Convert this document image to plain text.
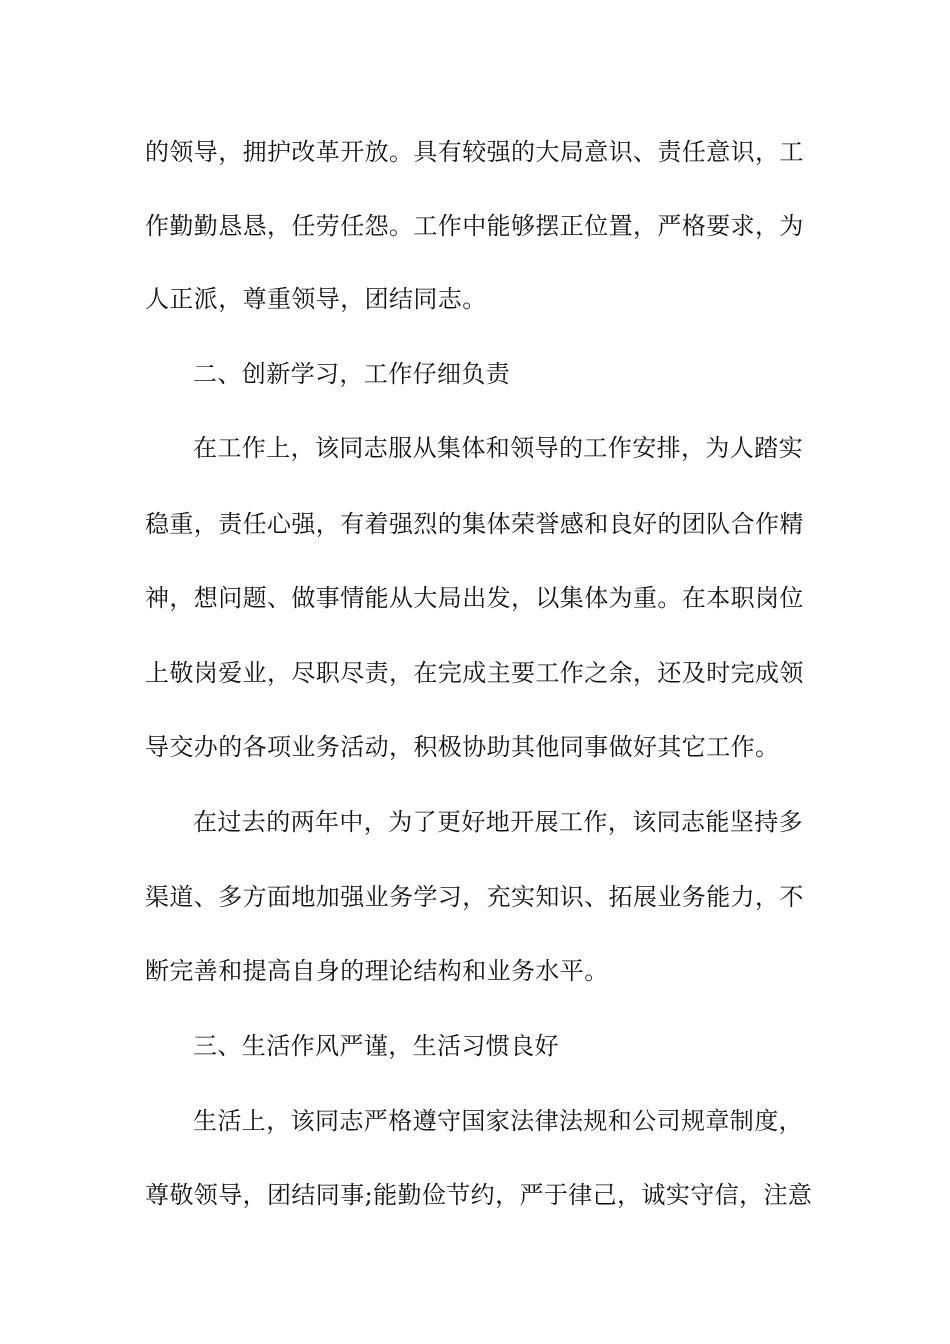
的领导，拥护改革开放。具有较强的大局意识、责任意识，工
作勤勤恳恳，任劳任怨。工作中能够摆正位置，严格要求，为
人正派，尊重领导，团结同志。
二、创新学习，工作仔细负责
在工作上，该同志服从集体和领导的工作安排，为人踏实
稳重，责任心强，有着强烈的集体荣誉感和良好的团队合作精
神，想问题、做事情能从大局出发，以集体为重。在本职岗位
上敬岗爱业，尽职尽责，在完成主要工作之余，还及时完成领
导交办的各项业务活动，积极协助其他同事做好其它工作。
在过去的两年中，为了更好地开展工作，该同志能坚持多
渠道、多方面地加强业务学习，充实知识、拓展业务能力，不
断完善和提高自身的理论结构和业务水平。
三、生活作风严谨，生活习惯良好
生活上，该同志严格遵守国家法律法规和公司规章制度，
尊敬领导，团结同事;能勤俭节约，严于律己，诚实守信，注意
